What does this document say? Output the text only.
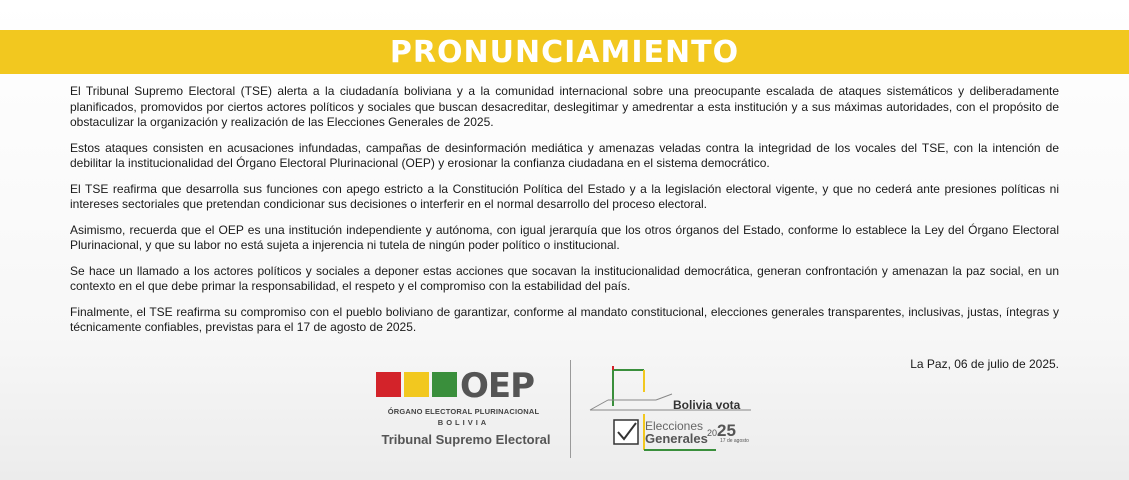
PRONUNCIAMIENTO

El Tribunal Supremo Electoral (TSE) alerta a la ciudadanía boliviana y a la comunidad internacional sobre una preocupante escalada de ataques sistemáticos y deliberadamente planificados, promovidos por ciertos actores políticos y sociales que buscan desacreditar, deslegitimar y amedrentar a esta institución y a sus máximas autoridades, con el propósito de obstaculizar la organización y realización de las Elecciones Generales de 2025.

Estos ataques consisten en acusaciones infundadas, campañas de desinformación mediática y amenazas veladas contra la integridad de los vocales del TSE, con la intención de debilitar la institucionalidad del Órgano Electoral Plurinacional (OEP) y erosionar la confianza ciudadana en el sistema democrático.

El TSE reafirma que desarrolla sus funciones con apego estricto a la Constitución Política del Estado y a la legislación electoral vigente, y que no cederá ante presiones políticas ni intereses sectoriales que pretendan condicionar sus decisiones o interferir en el normal desarrollo del proceso electoral.

Asimismo, recuerda que el OEP es una institución independiente y autónoma, con igual jerarquía que los otros órganos del Estado, conforme lo establece la Ley del Órgano Electoral Plurinacional, y que su labor no está sujeta a injerencia ni tutela de ningún poder político o institucional.

Se hace un llamado a los actores políticos y sociales a deponer estas acciones que socavan la institucionalidad democrática, generan confrontación y amenazan la paz social, en un contexto en el que debe primar la responsabilidad, el respeto y el compromiso con la estabilidad del país.

Finalmente, el TSE reafirma su compromiso con el pueblo boliviano de garantizar, conforme al mandato constitucional, elecciones generales transparentes, inclusivas, justas, íntegras y técnicamente confiables, previstas para el 17 de agosto de 2025.

La Paz, 06 de julio de 2025.
OEP
ÓRGANO ELECTORAL PLURINACIONAL
BOLIVIA
Tribunal Supremo Electoral
Bolivia vota
Elecciones
Generales 2025
17 de agosto
